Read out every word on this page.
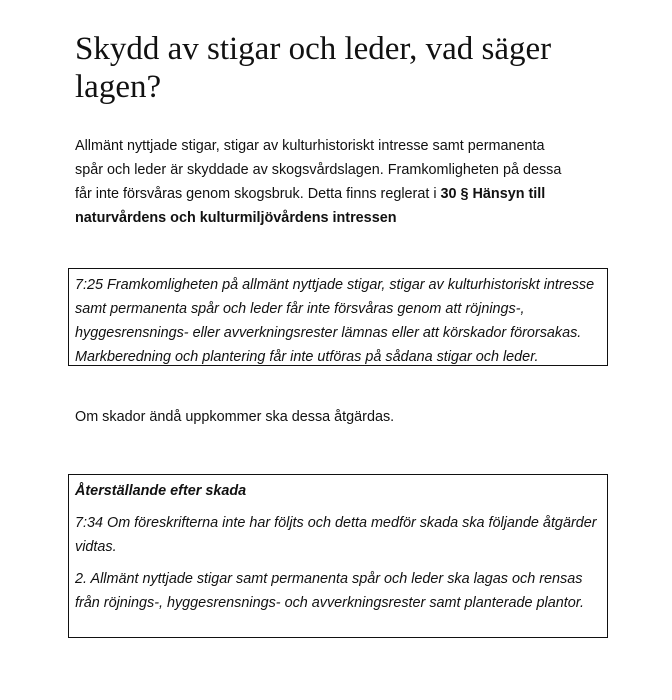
Skydd av stigar och leder, vad säger lagen?

Allmänt nyttjade stigar, stigar av kulturhistoriskt intresse samt permanenta spår och leder är skyddade av skogsvårdslagen. Framkomligheten på dessa får inte försvåras genom skogsbruk. Detta finns reglerat i 30 § Hänsyn till naturvårdens och kulturmiljövårdens intressen

7:25 Framkomligheten på allmänt nyttjade stigar, stigar av kulturhistoriskt intresse samt permanenta spår och leder får inte försvåras genom att röjnings-, hyggesrensnings- eller avverkningsrester lämnas eller att körskador förorsakas. Markberedning och plantering får inte utföras på sådana stigar och leder.

Om skador ändå uppkommer ska dessa åtgärdas.

Återställande efter skada

7:34 Om föreskrifterna inte har följts och detta medför skada ska följande åtgärder vidtas.

2. Allmänt nyttjade stigar samt permanenta spår och leder ska lagas och rensas från röjnings-, hyggesrensnings- och avverkningsrester samt planterade plantor.
